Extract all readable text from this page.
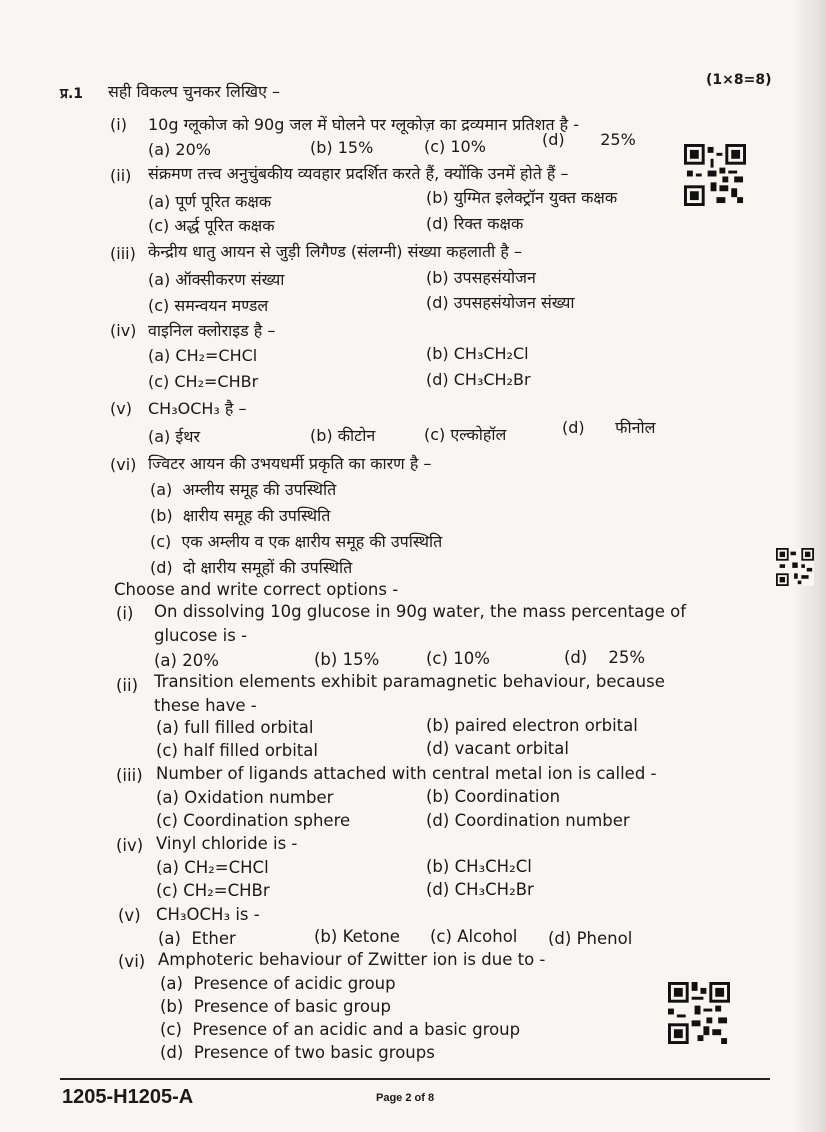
प्र.1 सही विकल्प चुनकर लिखिए –
(1×8=8)
(i) 10g ग्लूकोज को 90g जल में घोलने पर ग्लूकोज़ का द्रव्यमान प्रतिशत है -
(a) 20%	(b) 15%	(c) 10%	(d) 25%
(ii) संक्रमण तत्त्व अनुचुंबकीय व्यवहार प्रदर्शित करते हैं, क्योंकि उनमें होते हैं –
(a) पूर्ण पूरित कक्षक	(b) युग्मित इलेक्ट्रॉन युक्त कक्षक
(c) अर्द्ध पूरित कक्षक	(d) रिक्त कक्षक
(iii) केन्द्रीय धातु आयन से जुड़ी लिगैण्ड (संलग्नी) संख्या कहलाती है –
(a) ऑक्सीकरण संख्या	(b) उपसहसंयोजन
(c) समन्वयन मण्डल	(d) उपसहसंयोजन संख्या
(iv) वाइनिल क्लोराइड है –
(a) CH₂=CHCl	(b) CH₃CH₂Cl
(c) CH₂=CHBr	(d) CH₃CH₂Br
(v) CH₃OCH₃ है –
(a) ईथर	(b) कीटोन	(c) एल्कोहॉल	(d) फीनोल
(vi) ज्विटर आयन की उभयधर्मी प्रकृति का कारण है –
(a) अम्लीय समूह की उपस्थिति
(b) क्षारीय समूह की उपस्थिति
(c) एक अम्लीय व एक क्षारीय समूह की उपस्थिति
(d) दो क्षारीय समूहों की उपस्थिति
Choose and write correct options -
(i) On dissolving 10g glucose in 90g water, the mass percentage of
glucose is -
(a) 20%	(b) 15%	(c) 10%	(d) 25%
(ii) Transition elements exhibit paramagnetic behaviour, because
these have -
(a) full filled orbital	(b) paired electron orbital
(c) half filled orbital	(d) vacant orbital
(iii) Number of ligands attached with central metal ion is called -
(a) Oxidation number	(b) Coordination
(c) Coordination sphere	(d) Coordination number
(iv) Vinyl chloride is -
(a) CH₂=CHCl	(b) CH₃CH₂Cl
(c) CH₂=CHBr	(d) CH₃CH₂Br
(v) CH₃OCH₃ is -
(a) Ether	(b) Ketone (c) Alcohol (d) Phenol
(vi) Amphoteric behaviour of Zwitter ion is due to -
(a) Presence of acidic group
(b) Presence of basic group
(c) Presence of an acidic and a basic group
(d) Presence of two basic groups
1205-H1205-A	Page 2 of 8
